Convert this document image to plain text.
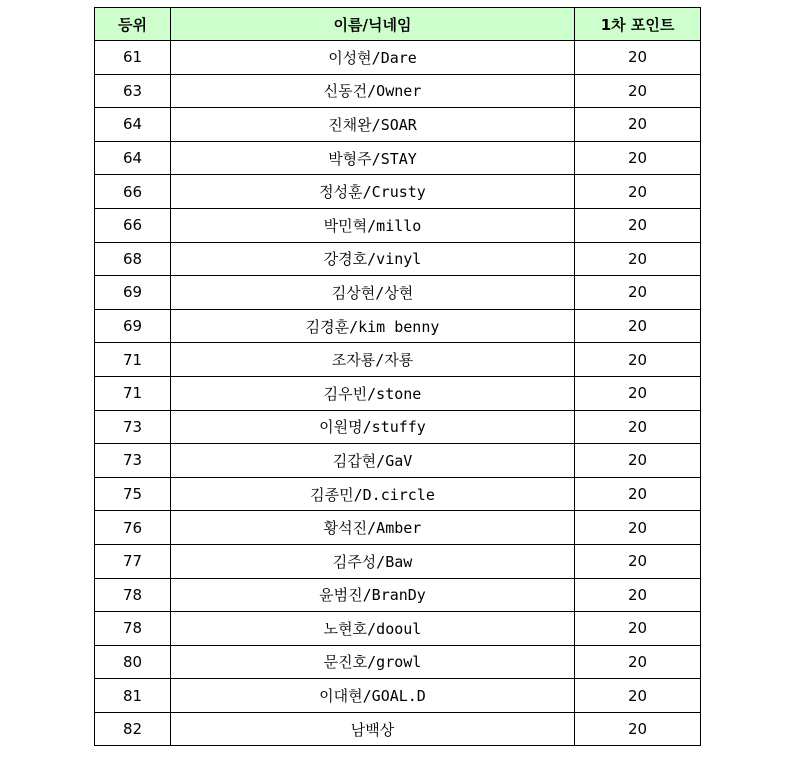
등위	이름/닉네임	1차 포인트
61	이성현/Dare	20
63	신동건/Owner	20
64	진채완/SOAR	20
64	박형주/STAY	20
66	정성훈/Crusty	20
66	박민혁/millo	20
68	강경호/vinyl	20
69	김상현/상현	20
69	김경훈/kim benny	20
71	조자룡/자룡	20
71	김우빈/stone	20
73	이원명/stuffy	20
73	김갑현/GaV	20
75	김종민/D.circle	20
76	황석진/Amber	20
77	김주성/Baw	20
78	윤범진/BranDy	20
78	노현호/dooul	20
80	문진호/growl	20
81	이대현/GOAL.D	20
82	남백상	20
